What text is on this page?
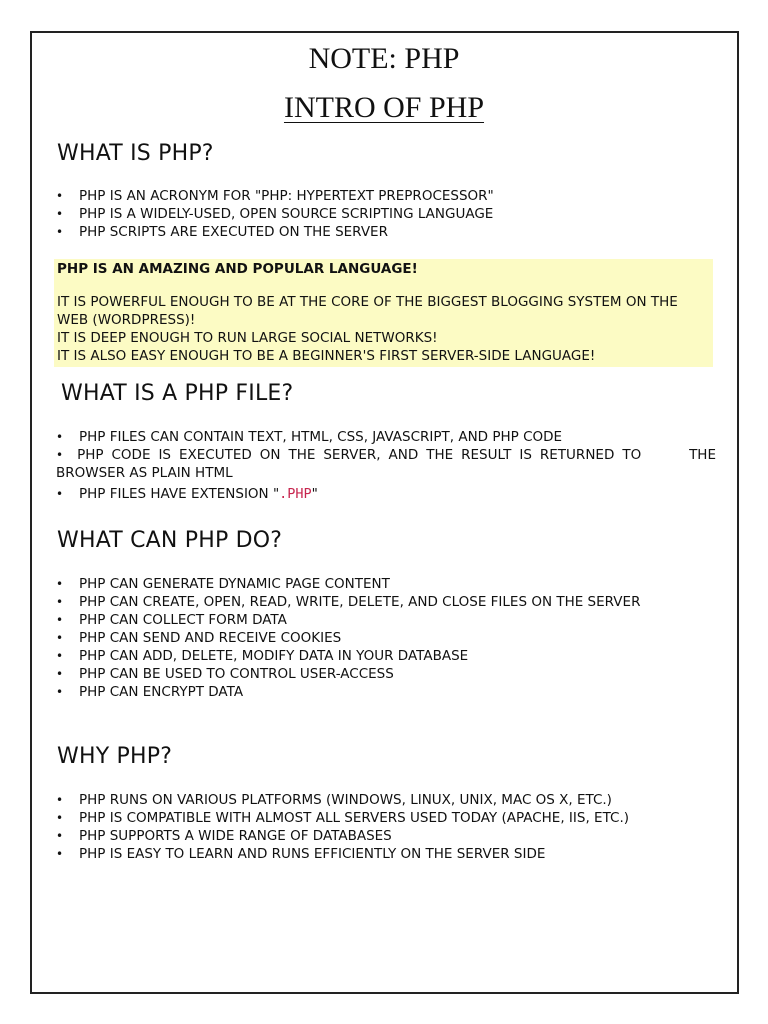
NOTE: PHP
INTRO OF PHP
WHAT IS PHP?
• PHP IS AN ACRONYM FOR "PHP: HYPERTEXT PREPROCESSOR"
• PHP IS A WIDELY-USED, OPEN SOURCE SCRIPTING LANGUAGE
• PHP SCRIPTS ARE EXECUTED ON THE SERVER

PHP IS AN AMAZING AND POPULAR LANGUAGE!

IT IS POWERFUL ENOUGH TO BE AT THE CORE OF THE BIGGEST BLOGGING SYSTEM ON THE WEB (WORDPRESS)!

IT IS DEEP ENOUGH TO RUN LARGE SOCIAL NETWORKS!

IT IS ALSO EASY ENOUGH TO BE A BEGINNER'S FIRST SERVER-SIDE LANGUAGE!

WHAT IS A PHP FILE?
• PHP FILES CAN CONTAIN TEXT, HTML, CSS, JAVASCRIPT, AND PHP CODE
• PHP CODE IS EXECUTED ON THE SERVER, AND THE RESULT IS RETURNED TO      THE BROWSER AS PLAIN HTML
• PHP FILES HAVE EXTENSION ".PHP"
WHAT CAN PHP DO?
• PHP CAN GENERATE DYNAMIC PAGE CONTENT
• PHP CAN CREATE, OPEN, READ, WRITE, DELETE, AND CLOSE FILES ON THE SERVER
• PHP CAN COLLECT FORM DATA
• PHP CAN SEND AND RECEIVE COOKIES
• PHP CAN ADD, DELETE, MODIFY DATA IN YOUR DATABASE
• PHP CAN BE USED TO CONTROL USER-ACCESS
• PHP CAN ENCRYPT DATA
WHY PHP?
• PHP RUNS ON VARIOUS PLATFORMS (WINDOWS, LINUX, UNIX, MAC OS X, ETC.)
• PHP IS COMPATIBLE WITH ALMOST ALL SERVERS USED TODAY (APACHE, IIS, ETC.)
• PHP SUPPORTS A WIDE RANGE OF DATABASES
• PHP IS EASY TO LEARN AND RUNS EFFICIENTLY ON THE SERVER SIDE
